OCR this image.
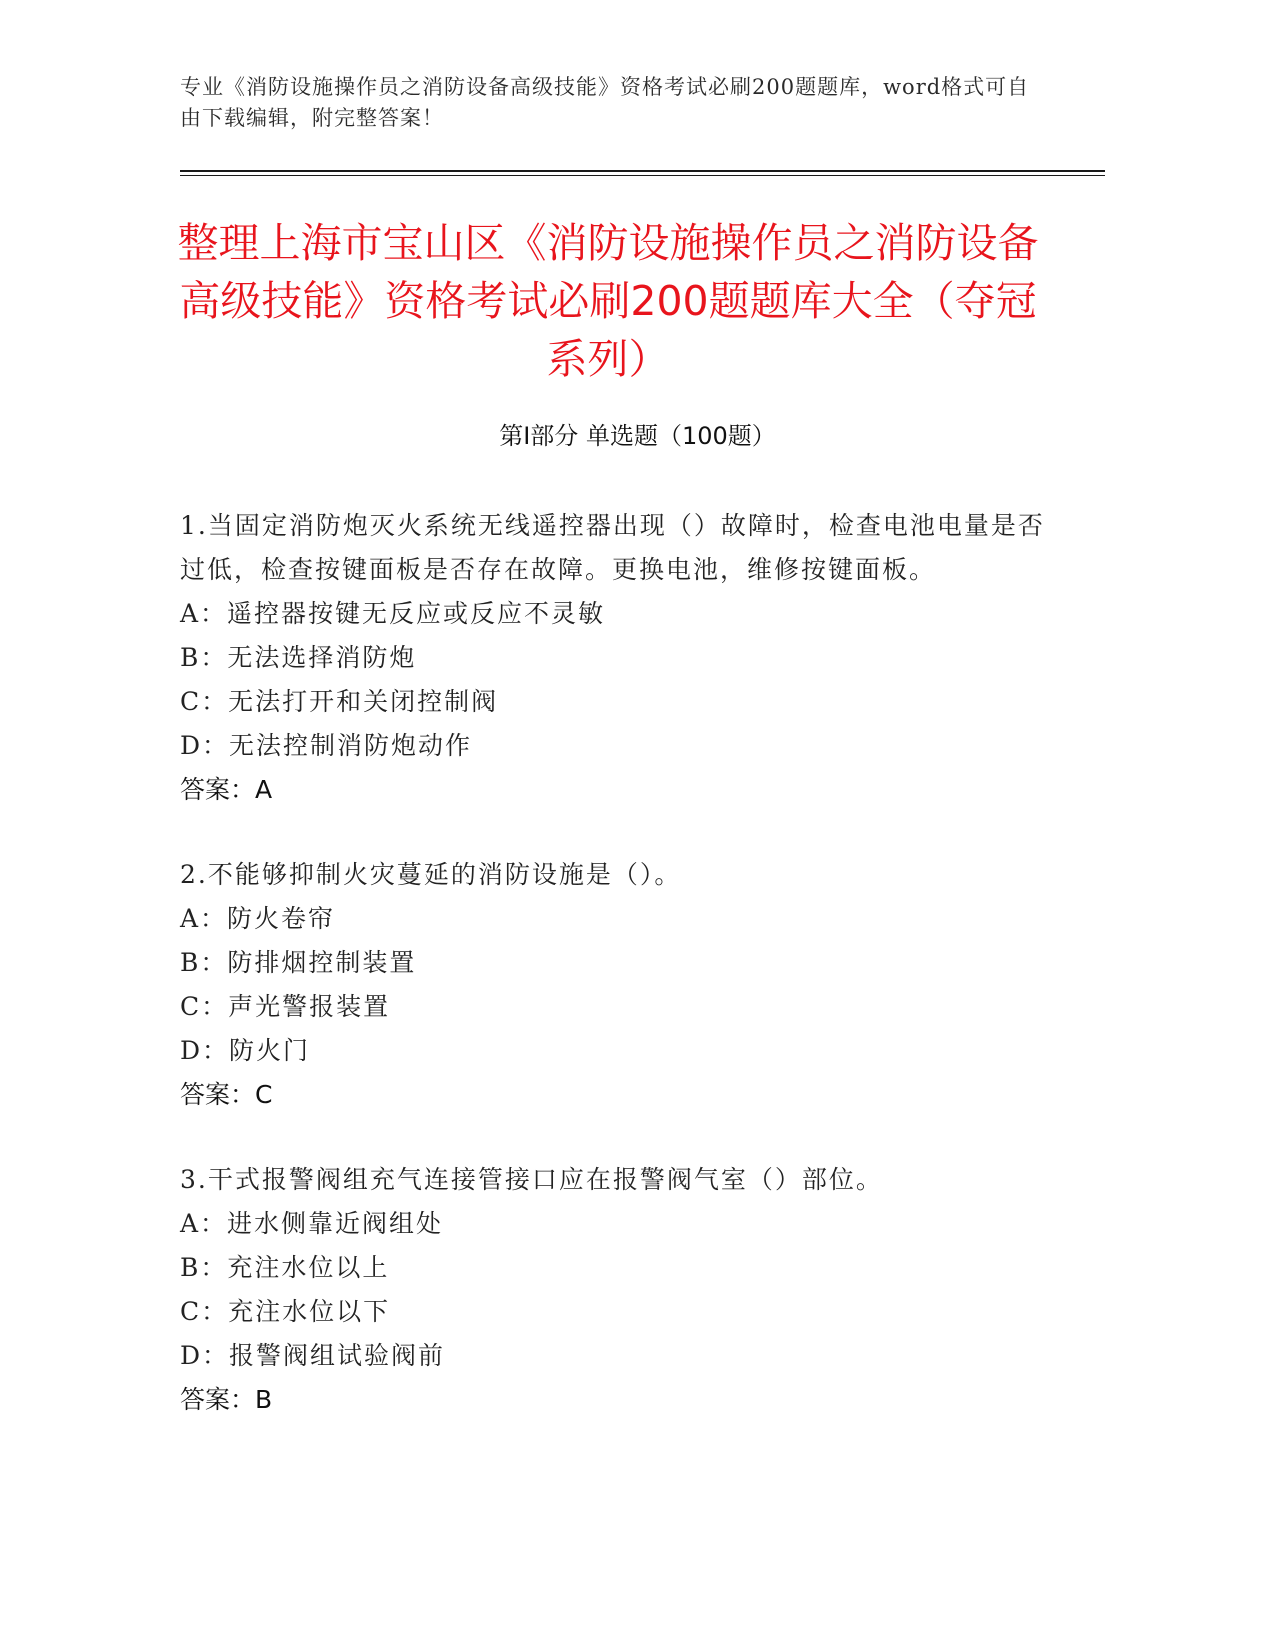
专业《消防设施操作员之消防设备高级技能》资格考试必刷200题题库，word格式可自由下载编辑，附完整答案！
整理上海市宝山区《消防设施操作员之消防设备高级技能》资格考试必刷200题题库大全（夺冠系列）
第Ⅰ部分 单选题（100题）
1.当固定消防炮灭火系统无线遥控器出现（）故障时，检查电池电量是否过低，检查按键面板是否存在故障。更换电池，维修按键面板。
A：遥控器按键无反应或反应不灵敏
B：无法选择消防炮
C：无法打开和关闭控制阀
D：无法控制消防炮动作
答案：A
2.不能够抑制火灾蔓延的消防设施是（）。
A：防火卷帘
B：防排烟控制装置
C：声光警报装置
D：防火门
答案：C
3.干式报警阀组充气连接管接口应在报警阀气室（）部位。
A：进水侧靠近阀组处
B：充注水位以上
C：充注水位以下
D：报警阀组试验阀前
答案：B
